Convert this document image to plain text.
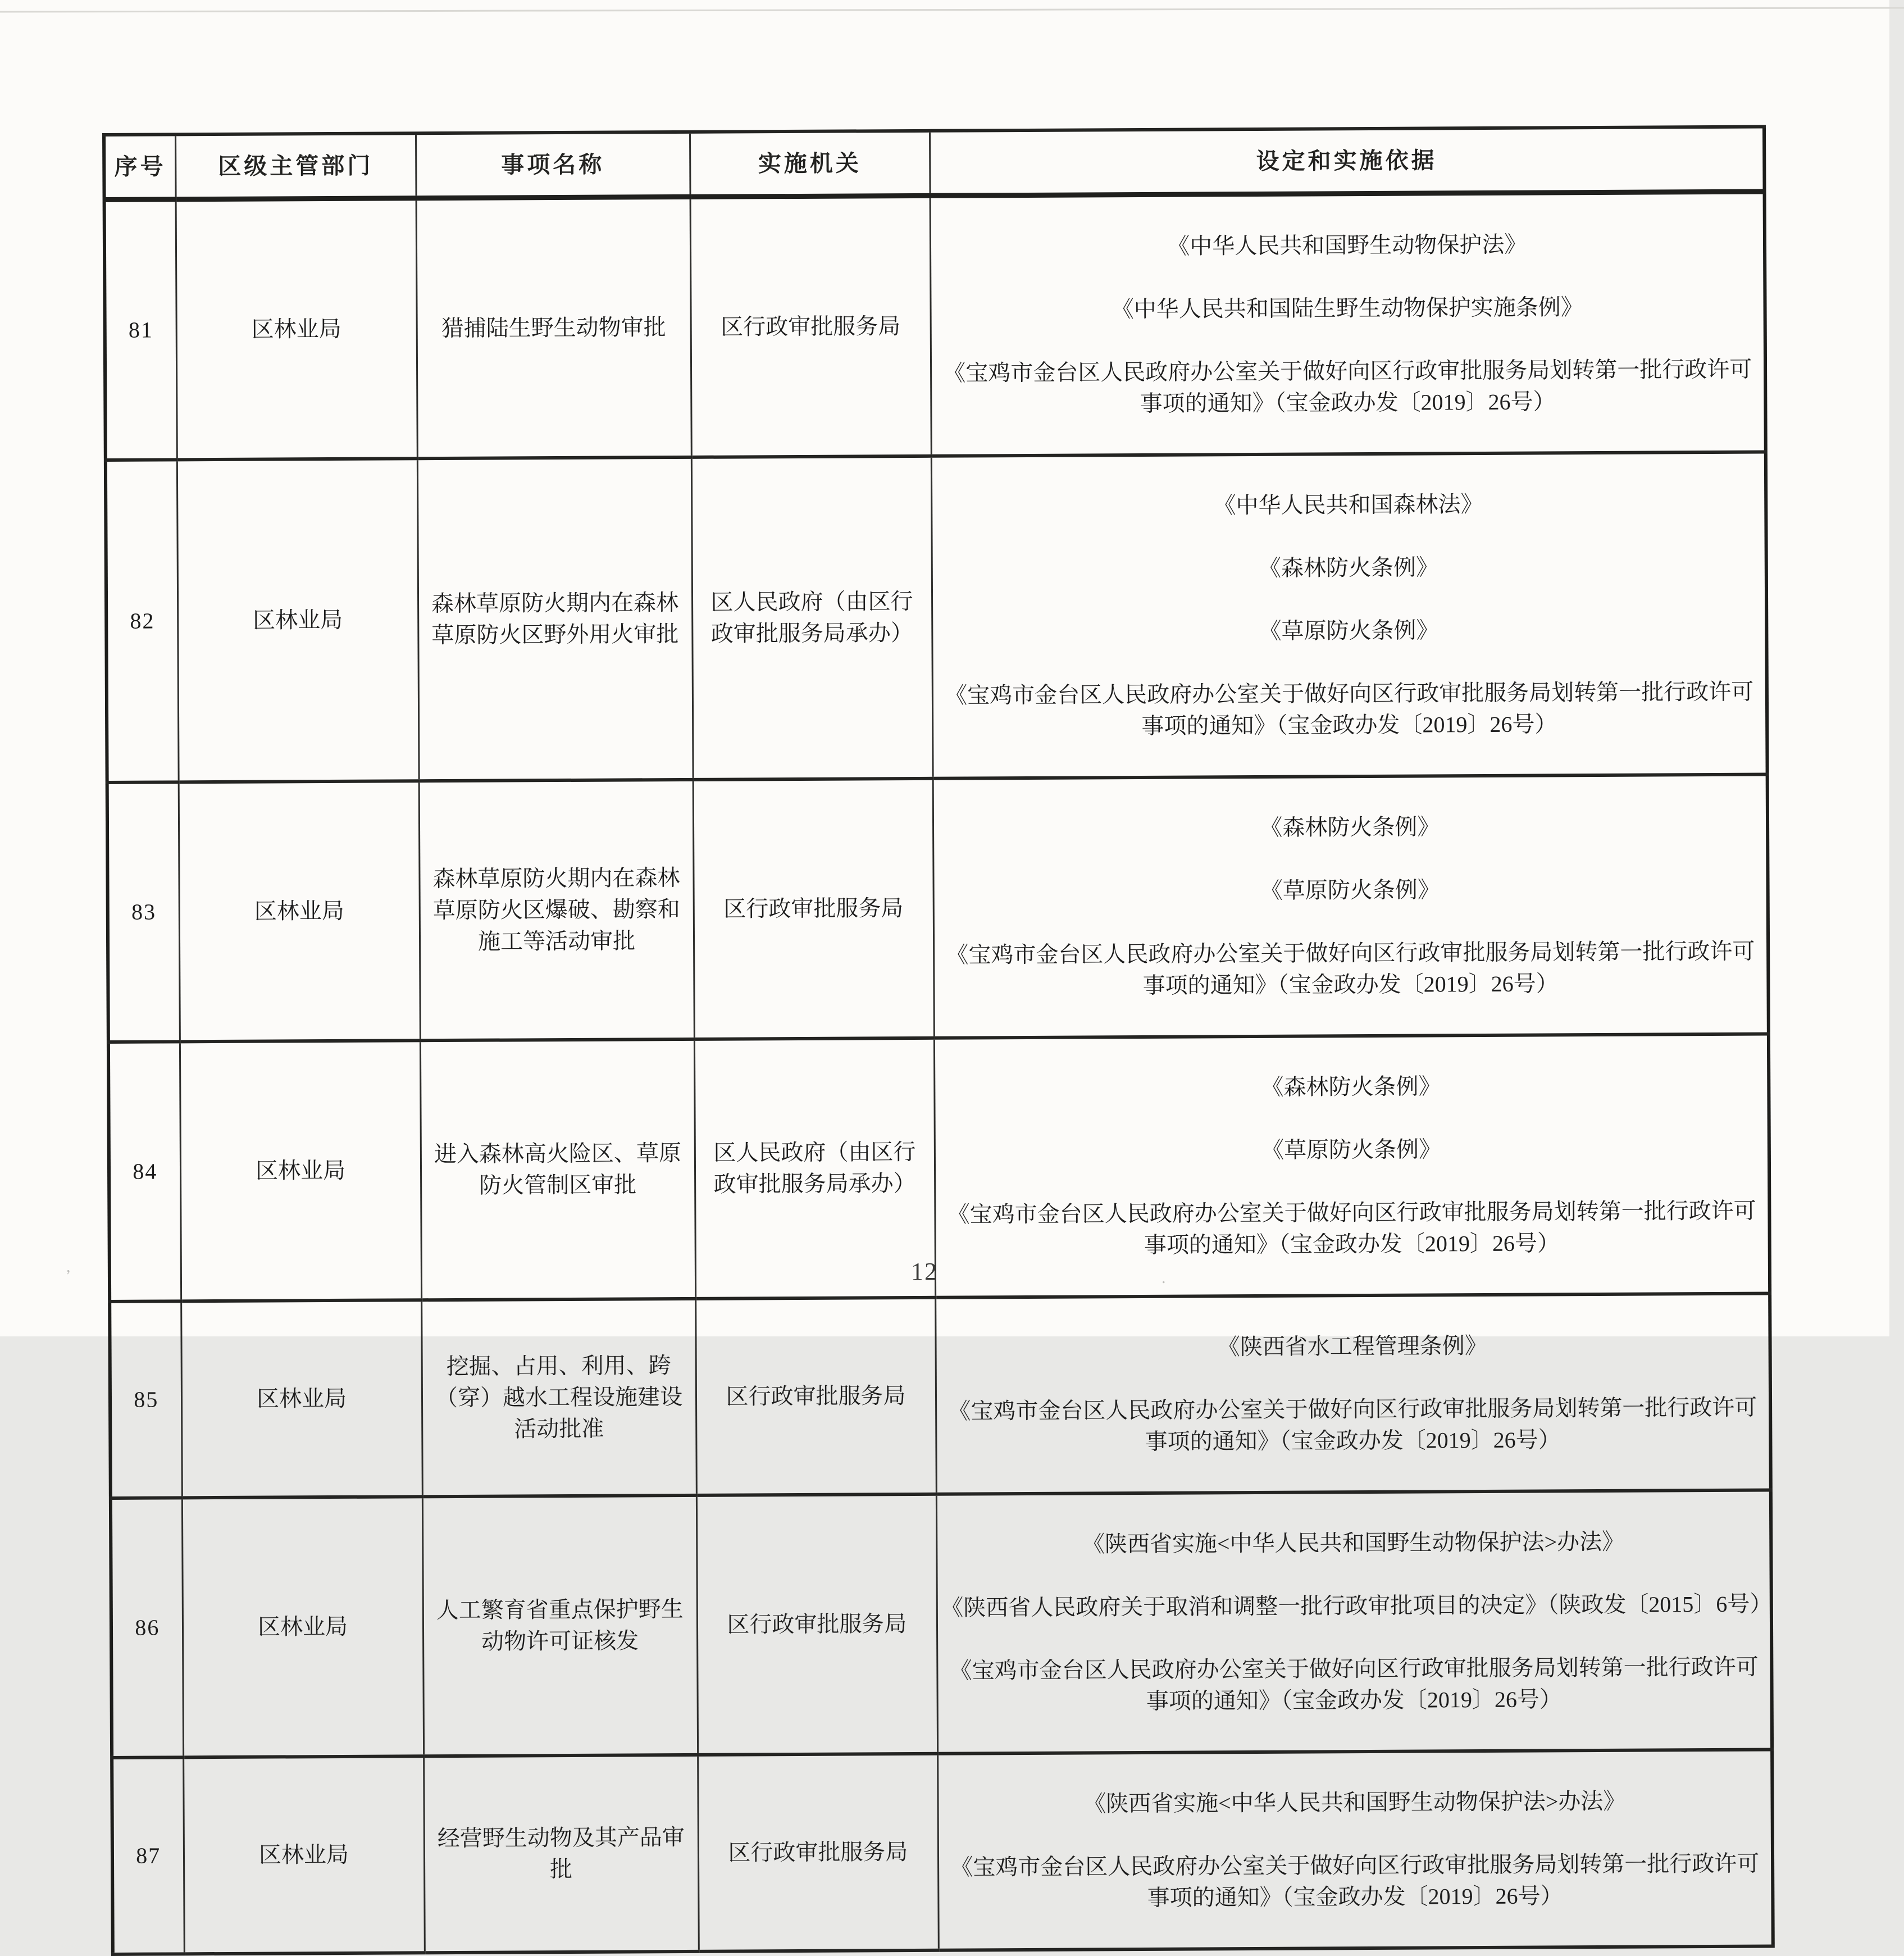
,
.
序号	区级主管部门	事项名称	实施机关	设定和实施依据
81	区林业局	猎捕陆生野生动物审批	区行政审批服务局	《中华人民共和国野生动物保护法》

《中华人民共和国陆生野生动物保护实施条例》

《宝鸡市金台区人民政府办公室关于做好向区行政审批服务局划转第一批行政许可事项的通知》（宝金政办发〔2019〕26号）

82	区林业局	森林草原防火期内在森林
草原防火区野外用火审批	区人民政府（由区行
政审批服务局承办）	

《中华人民共和国森林法》

《森林防火条例》

《草原防火条例》

《宝鸡市金台区人民政府办公室关于做好向区行政审批服务局划转第一批行政许可事项的通知》（宝金政办发〔2019〕26号）

83	区林业局	森林草原防火期内在森林
草原防火区爆破、勘察和
施工等活动审批	区行政审批服务局	

《森林防火条例》

《草原防火条例》

《宝鸡市金台区人民政府办公室关于做好向区行政审批服务局划转第一批行政许可事项的通知》（宝金政办发〔2019〕26号）

84	区林业局	进入森林高火险区、草原
防火管制区审批	区人民政府（由区行
政审批服务局承办）	

《森林防火条例》

《草原防火条例》

《宝鸡市金台区人民政府办公室关于做好向区行政审批服务局划转第一批行政许可事项的通知》（宝金政办发〔2019〕26号）

85	区林业局	挖掘、占用、利用、跨
（穿）越水工程设施建设
活动批准	区行政审批服务局	

《陕西省水工程管理条例》

《宝鸡市金台区人民政府办公室关于做好向区行政审批服务局划转第一批行政许可事项的通知》（宝金政办发〔2019〕26号）

86	区林业局	人工繁育省重点保护野生
动物许可证核发	区行政审批服务局	

《陕西省实施<中华人民共和国野生动物保护法>办法》

《陕西省人民政府关于取消和调整一批行政审批项目的决定》（陕政发〔2015〕6号）

《宝鸡市金台区人民政府办公室关于做好向区行政审批服务局划转第一批行政许可事项的通知》（宝金政办发〔2019〕26号）

87	区林业局	经营野生动物及其产品审
批	区行政审批服务局	

《陕西省实施<中华人民共和国野生动物保护法>办法》

《宝鸡市金台区人民政府办公室关于做好向区行政审批服务局划转第一批行政许可事项的通知》（宝金政办发〔2019〕26号）

12
